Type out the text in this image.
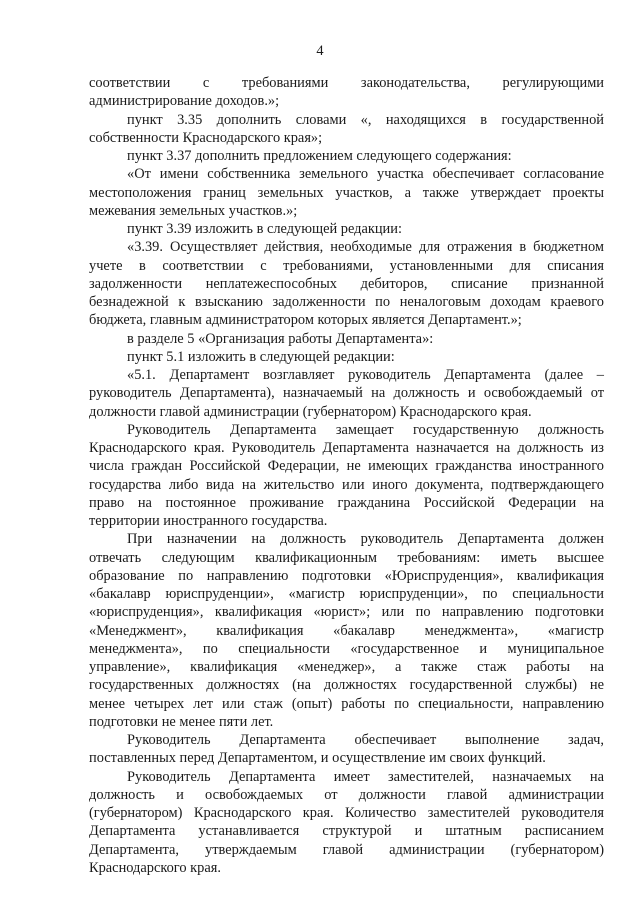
4
соответствии с требованиями законодательства, регулирующими
администрирование доходов.»;
пункт 3.35 дополнить словами «, находящихся в государственной
собственности Краснодарского края»;
пункт 3.37 дополнить предложением следующего содержания:
«От имени собственника земельного участка обеспечивает согласование
местоположения границ земельных участков, а также утверждает проекты
межевания земельных участков.»;
пункт 3.39 изложить в следующей редакции:
«3.39. Осуществляет действия, необходимые для отражения в бюджетном
учете в соответствии с требованиями, установленными для списания
задолженности неплатежеспособных дебиторов, списание признанной
безнадежной к взысканию задолженности по неналоговым доходам краевого
бюджета, главным администратором которых является Департамент.»;
в разделе 5 «Организация работы Департамента»:
пункт 5.1 изложить в следующей редакции:
«5.1. Департамент возглавляет руководитель Департамента (далее –
руководитель Департамента), назначаемый на должность и освобождаемый от
должности главой администрации (губернатором) Краснодарского края.
Руководитель Департамента замещает государственную должность
Краснодарского края. Руководитель Департамента назначается на должность из
числа граждан Российской Федерации, не имеющих гражданства иностранного
государства либо вида на жительство или иного документа, подтверждающего
право на постоянное проживание гражданина Российской Федерации на
территории иностранного государства.
При назначении на должность руководитель Департамента должен
отвечать следующим квалификационным требованиям: иметь высшее
образование по направлению подготовки «Юриспруденция», квалификация
«бакалавр юриспруденции», «магистр юриспруденции», по специальности
«юриспруденция», квалификация «юрист»; или по направлению подготовки
«Менеджмент», квалификация «бакалавр менеджмента», «магистр
менеджмента», по специальности «государственное и муниципальное
управление», квалификация «менеджер», а также стаж работы на
государственных должностях (на должностях государственной службы) не
менее четырех лет или стаж (опыт) работы по специальности, направлению
подготовки не менее пяти лет.
Руководитель Департамента обеспечивает выполнение задач,
поставленных перед Департаментом, и осуществление им своих функций.
Руководитель Департамента имеет заместителей, назначаемых на
должность и освобождаемых от должности главой администрации
(губернатором) Краснодарского края. Количество заместителей руководителя
Департамента устанавливается структурой и штатным расписанием
Департамента, утверждаемым главой администрации (губернатором)
Краснодарского края.
